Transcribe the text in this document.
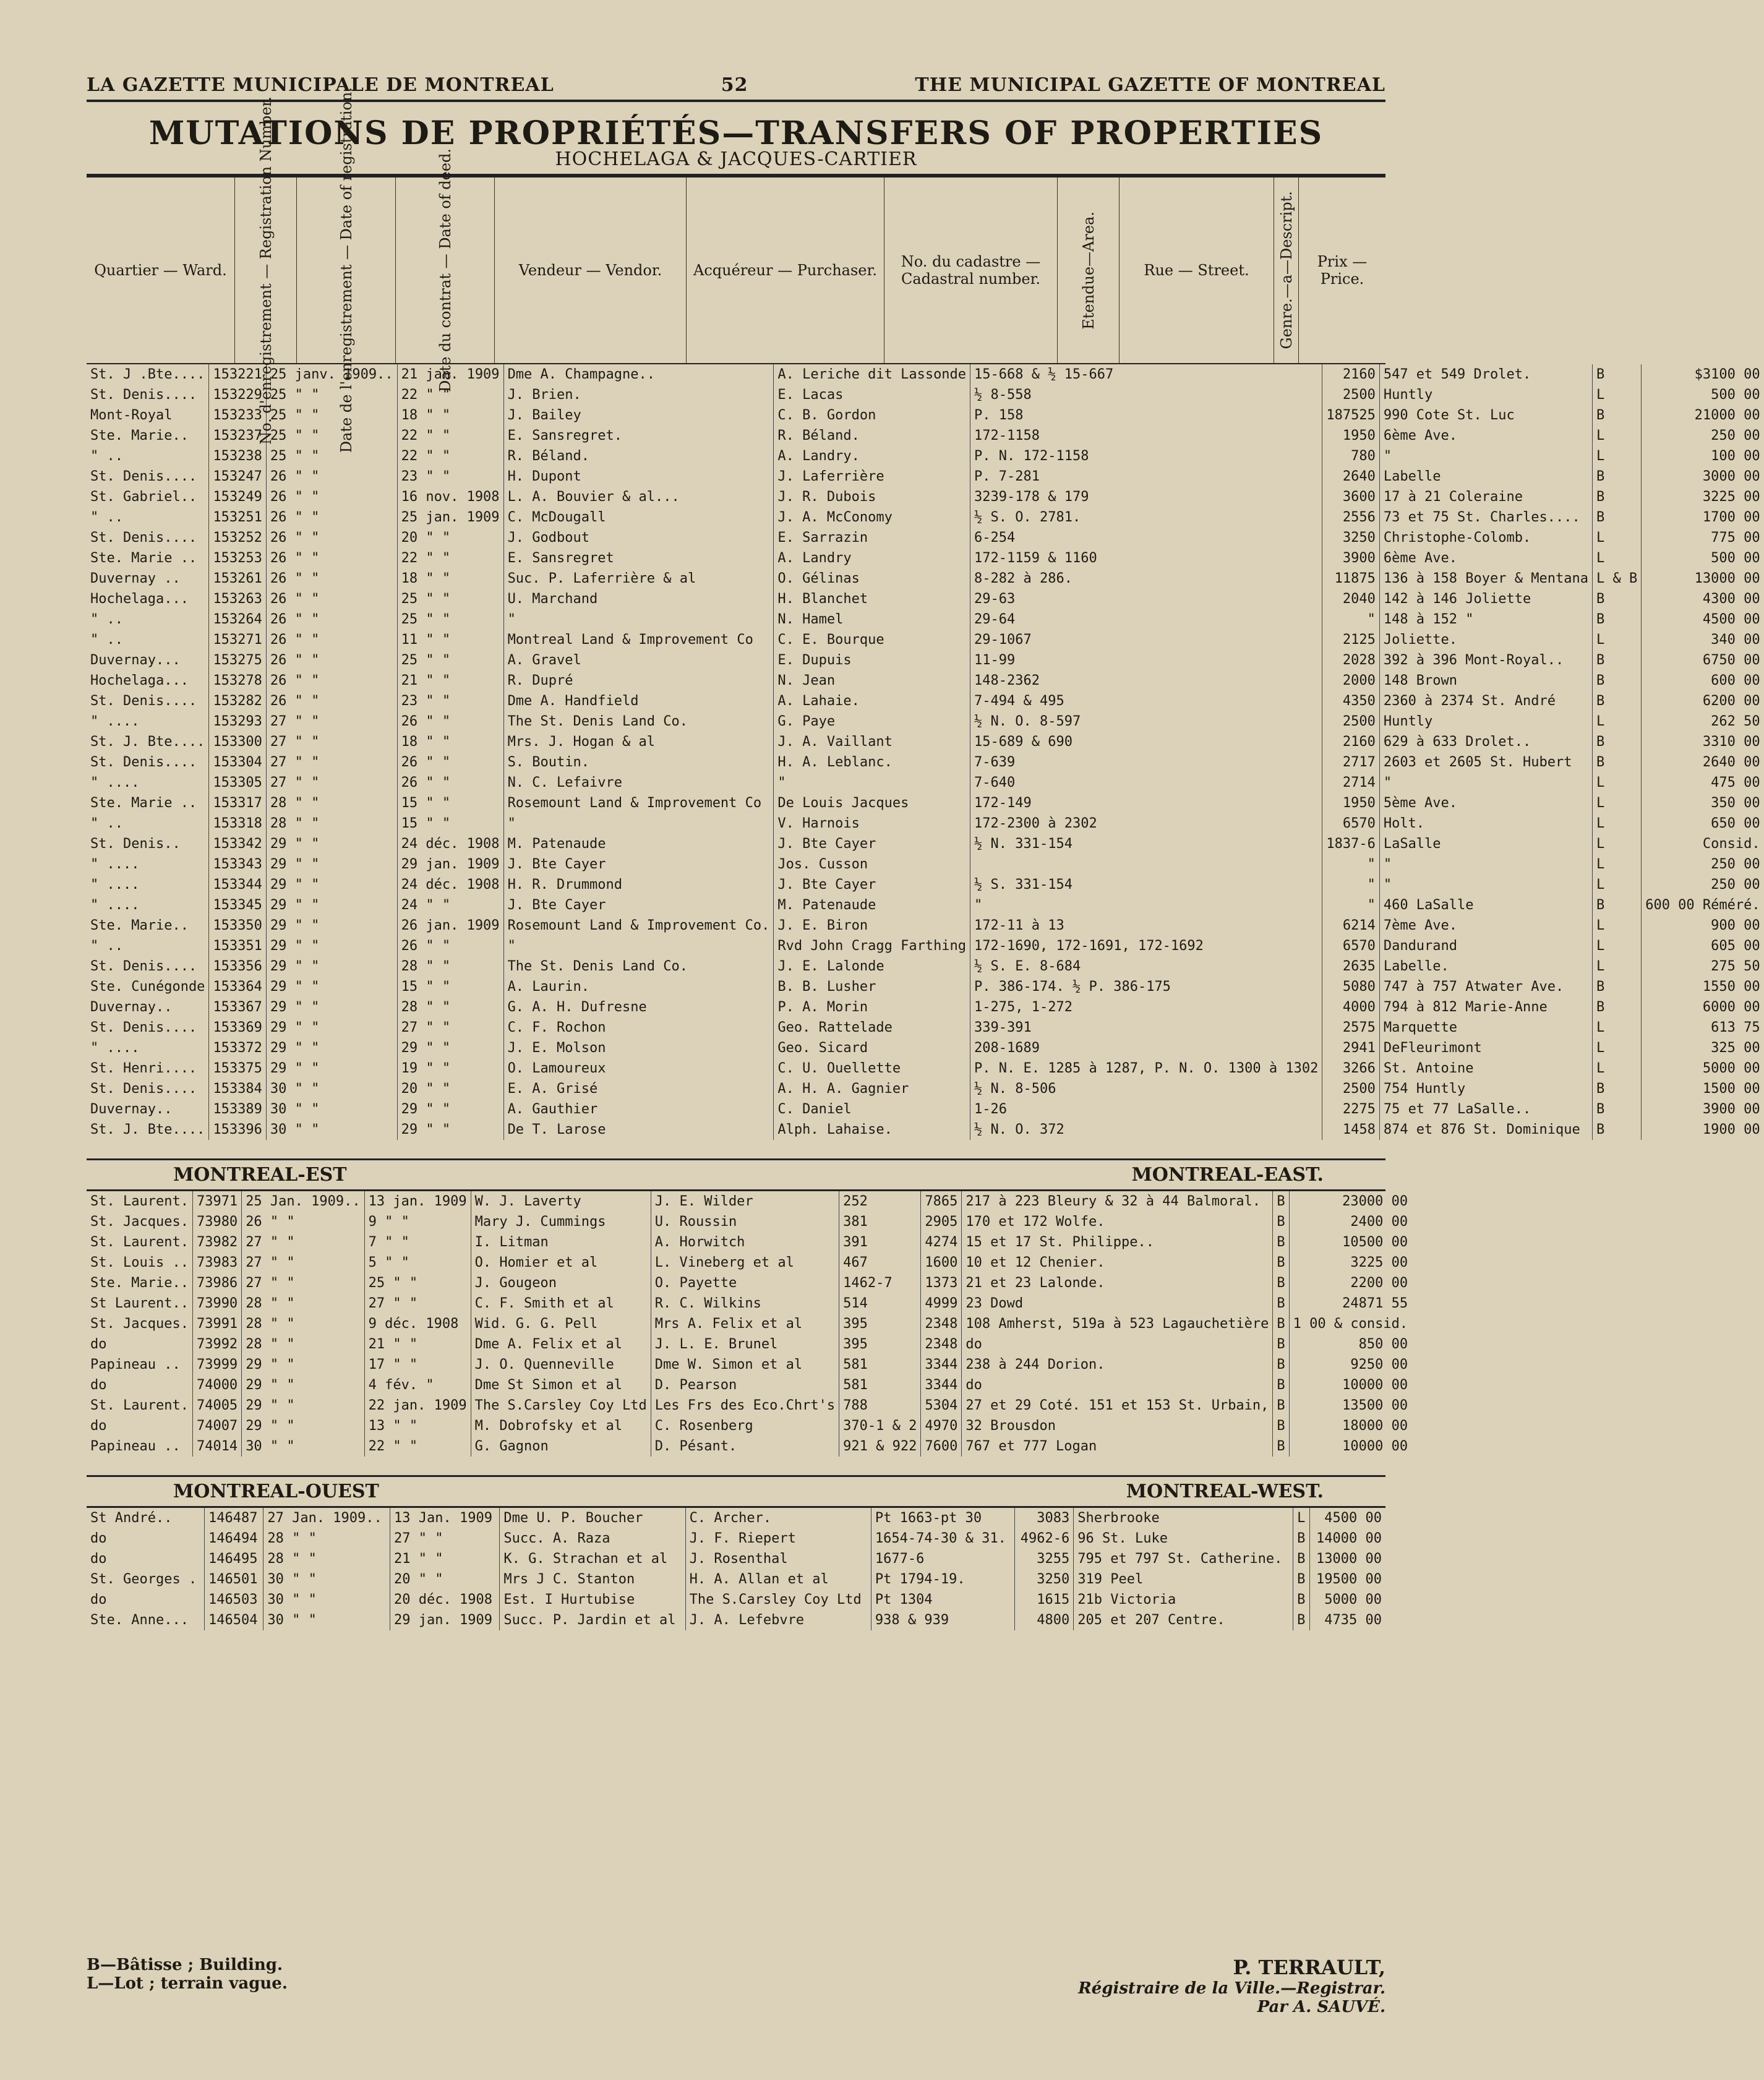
LA GAZETTE MUNICIPALE DE MONTREAL	52	THE MUNICIPAL GAZETTE OF MONTREAL
MUTATIONS DE PROPRIÉTÉS—TRANSFERS OF PROPERTIES
HOCHELAGA & JACQUES-CARTIER
Quartier — Ward.	No. d'enregistrement — Registration Number.	Date de l'enregistrement — Date of registration.	Date du contrat — Date of deed.	Vendeur — Vendor.	Acquéreur — Purchaser.	No. du cadastre — Cadastral number.	Etendue—Area.	Rue — Street.	Genre.—a—Descript.	Prix — Price.
St. J .Bte....	153221	25 janv. 1909..	21 jan. 1909	Dme A. Champagne..	A. Leriche dit Lassonde	15-668 & ½ 15-667	2160	547 et 549 Drolet.	B	$3100 00
St. Denis....	153229	25 " "	22 " "	J. Brien.	E. Lacas	½ 8-558	2500	Huntly	L	500 00
Mont-Royal	153233	25 " "	18 " "	J. Bailey	C. B. Gordon	P. 158	187525	990 Cote St. Luc	B	21000 00
Ste. Marie..	153237	25 " "	22 " "	E. Sansregret.	R. Béland.	172-1158	1950	6ème Ave.	L	250 00
" ..	153238	25 " "	22 " "	R. Béland.	A. Landry.	P. N. 172-1158	780	"	L	100 00
St. Denis....	153247	26 " "	23 " "	H. Dupont	J. Laferrière	P. 7-281	2640	Labelle	B	3000 00
St. Gabriel..	153249	26 " "	16 nov. 1908	L. A. Bouvier & al...	J. R. Dubois	3239-178 & 179	3600	17 à 21 Coleraine	B	3225 00
" ..	153251	26 " "	25 jan. 1909	C. McDougall	J. A. McConomy	½ S. O. 2781.	2556	73 et 75 St. Charles....	B	1700 00
St. Denis....	153252	26 " "	20 " "	J. Godbout	E. Sarrazin	6-254	3250	Christophe-Colomb.	L	775 00
Ste. Marie ..	153253	26 " "	22 " "	E. Sansregret	A. Landry	172-1159 & 1160	3900	6ème Ave.	L	500 00
Duvernay ..	153261	26 " "	18 " "	Suc. P. Laferrière & al	O. Gélinas	8-282 à 286.	11875	136 à 158 Boyer & Mentana	L & B	13000 00
Hochelaga...	153263	26 " "	25 " "	U. Marchand	H. Blanchet	29-63	2040	142 à 146 Joliette	B	4300 00
" ..	153264	26 " "	25 " "	"	N. Hamel	29-64	"	148 à 152 "	B	4500 00
" ..	153271	26 " "	11 " "	Montreal Land & Improvement Co	C. E. Bourque	29-1067	2125	Joliette.	L	340 00
Duvernay...	153275	26 " "	25 " "	A. Gravel	E. Dupuis	11-99	2028	392 à 396 Mont-Royal..	B	6750 00
Hochelaga...	153278	26 " "	21 " "	R. Dupré	N. Jean	148-2362	2000	148 Brown	B	600 00
St. Denis....	153282	26 " "	23 " "	Dme A. Handfield	A. Lahaie.	7-494 & 495	4350	2360 à 2374 St. André	B	6200 00
" ....	153293	27 " "	26 " "	The St. Denis Land Co.	G. Paye	½ N. O. 8-597	2500	Huntly	L	262 50
St. J. Bte....	153300	27 " "	18 " "	Mrs. J. Hogan & al	J. A. Vaillant	15-689 & 690	2160	629 à 633 Drolet..	B	3310 00
St. Denis....	153304	27 " "	26 " "	S. Boutin.	H. A. Leblanc.	7-639	2717	2603 et 2605 St. Hubert	B	2640 00
" ....	153305	27 " "	26 " "	N. C. Lefaivre	"	7-640	2714	"	L	475 00
Ste. Marie ..	153317	28 " "	15 " "	Rosemount Land & Improvement Co	De Louis Jacques	172-149	1950	5ème Ave.	L	350 00
" ..	153318	28 " "	15 " "	"	V. Harnois	172-2300 à 2302	6570	Holt.	L	650 00
St. Denis..	153342	29 " "	24 déc. 1908	M. Patenaude	J. Bte Cayer	½ N. 331-154	1837-6	LaSalle	L	Consid.
" ....	153343	29 " "	29 jan. 1909	J. Bte Cayer	Jos. Cusson		"	"	L	250 00
" ....	153344	29 " "	24 déc. 1908	H. R. Drummond	J. Bte Cayer	½ S. 331-154	"	"	L	250 00
" ....	153345	29 " "	24 " "	J. Bte Cayer	M. Patenaude	"	"	460 LaSalle	B	600 00 Réméré.
Ste. Marie..	153350	29 " "	26 jan. 1909	Rosemount Land & Improvement Co.	J. E. Biron	172-11 à 13	6214	7ème Ave.	L	900 00
" ..	153351	29 " "	26 " "	"	Rvd John Cragg Farthing	172-1690, 172-1691, 172-1692	6570	Dandurand	L	605 00
St. Denis....	153356	29 " "	28 " "	The St. Denis Land Co.	J. E. Lalonde	½ S. E. 8-684	2635	Labelle.	L	275 50
Ste. Cunégonde	153364	29 " "	15 " "	A. Laurin.	B. B. Lusher	P. 386-174. ½ P. 386-175	5080	747 à 757 Atwater Ave.	B	1550 00
Duvernay..	153367	29 " "	28 " "	G. A. H. Dufresne	P. A. Morin	1-275, 1-272	4000	794 à 812 Marie-Anne	B	6000 00
St. Denis....	153369	29 " "	27 " "	C. F. Rochon	Geo. Rattelade	339-391	2575	Marquette	L	613 75
" ....	153372	29 " "	29 " "	J. E. Molson	Geo. Sicard	208-1689	2941	DeFleurimont	L	325 00
St. Henri....	153375	29 " "	19 " "	O. Lamoureux	C. U. Ouellette	P. N. E. 1285 à 1287, P. N. O. 1300 à 1302	3266	St. Antoine	L	5000 00
St. Denis....	153384	30 " "	20 " "	E. A. Grisé	A. H. A. Gagnier	½ N. 8-506	2500	754 Huntly	B	1500 00
Duvernay..	153389	30 " "	29 " "	A. Gauthier	C. Daniel	1-26	2275	75 et 77 LaSalle..	B	3900 00
St. J. Bte....	153396	30 " "	29 " "	De T. Larose	Alph. Lahaise.	½ N. O. 372	1458	874 et 876 St. Dominique	B	1900 00
MONTREAL-EST	MONTREAL-EAST.
St. Laurent.	73971	25 Jan. 1909..	13 jan. 1909	W. J. Laverty	J. E. Wilder	252	7865	217 à 223 Bleury & 32 à 44 Balmoral.	B	23000 00
St. Jacques.	73980	26 " "	9 " "	Mary J. Cummings	U. Roussin	381	2905	170 et 172 Wolfe.	B	2400 00
St. Laurent.	73982	27 " "	7 " "	I. Litman	A. Horwitch	391	4274	15 et 17 St. Philippe..	B	10500 00
St. Louis ..	73983	27 " "	5 " "	O. Homier et al	L. Vineberg et al	467	1600	10 et 12 Chenier.	B	3225 00
Ste. Marie..	73986	27 " "	25 " "	J. Gougeon	O. Payette	1462-7	1373	21 et 23 Lalonde.	B	2200 00
St Laurent..	73990	28 " "	27 " "	C. F. Smith et al	R. C. Wilkins	514	4999	23 Dowd	B	24871 55
St. Jacques.	73991	28 " "	9 déc. 1908	Wid. G. G. Pell	Mrs A. Felix et al	395	2348	108 Amherst, 519a à 523 Lagauchetière	B	1 00 & consid.
do	73992	28 " "	21 " "	Dme A. Felix et al	J. L. E. Brunel	395	2348	do	B	850 00
Papineau ..	73999	29 " "	17 " "	J. O. Quenneville	Dme W. Simon et al	581	3344	238 à 244 Dorion.	B	9250 00
do	74000	29 " "	4 fév. "	Dme St Simon et al	D. Pearson	581	3344	do	B	10000 00
St. Laurent.	74005	29 " "	22 jan. 1909	The S.Carsley Coy Ltd	Les Frs des Eco.Chrt's	788	5304	27 et 29 Coté. 151 et 153 St. Urbain,	B	13500 00
do	74007	29 " "	13 " "	M. Dobrofsky et al	C. Rosenberg	370-1 & 2	4970	32 Brousdon	B	18000 00
Papineau ..	74014	30 " "	22 " "	G. Gagnon	D. Pésant.	921 & 922	7600	767 et 777 Logan	B	10000 00
MONTREAL-OUEST	MONTREAL-WEST.
St André..	146487	27 Jan. 1909..	13 Jan. 1909	Dme U. P. Boucher	C. Archer.	Pt 1663-pt 30	3083	Sherbrooke	L	4500 00
do	146494	28 " "	27 " "	Succ. A. Raza	J. F. Riepert	1654-74-30 & 31.	4962-6	96 St. Luke	B	14000 00
do	146495	28 " "	21 " "	K. G. Strachan et al	J. Rosenthal	1677-6	3255	795 et 797 St. Catherine.	B	13000 00
St. Georges .	146501	30 " "	20 " "	Mrs J C. Stanton	H. A. Allan et al	Pt 1794-19.	3250	319 Peel	B	19500 00
do	146503	30 " "	20 déc. 1908	Est. I Hurtubise	The S.Carsley Coy Ltd	Pt 1304	1615	21b Victoria	B	5000 00
Ste. Anne...	146504	30 " "	29 jan. 1909	Succ. P. Jardin et al	J. A. Lefebvre	938 & 939	4800	205 et 207 Centre.	B	4735 00
B—Bâtisse ; Building.
L—Lot ; terrain vague.
P. TERRAULT,
Régistraire de la Ville.—Registrar.
Par A. SAUVÉ.
